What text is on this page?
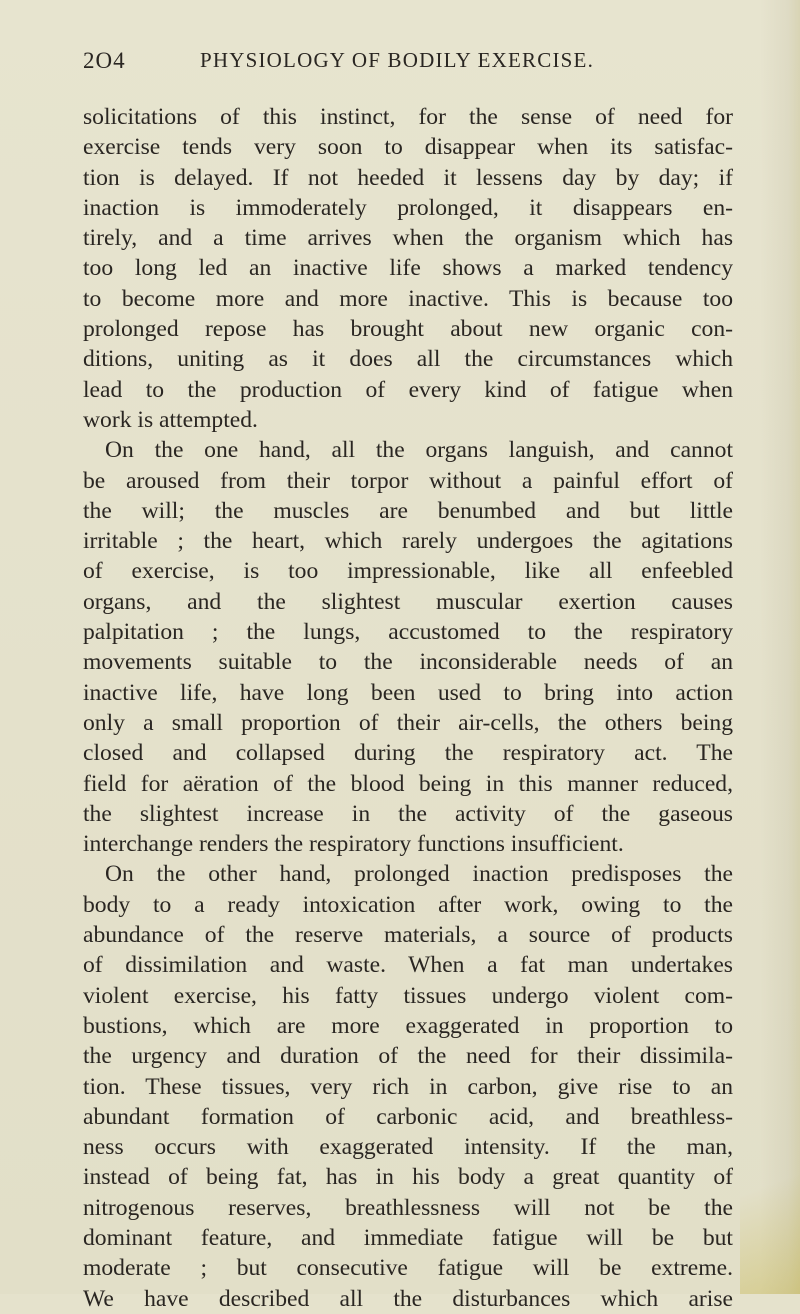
2O4	PHYSIOLOGY OF BODILY EXERCISE.
solicitations of this instinct, for the sense of need for
exercise tends very soon to disappear when its satisfac-
tion is delayed. If not heeded it lessens day by day; if
inaction is immoderately prolonged, it disappears en-
tirely, and a time arrives when the organism which has
too long led an inactive life shows a marked tendency
to become more and more inactive. This is because too
prolonged repose has brought about new organic con-
ditions, uniting as it does all the circumstances which
lead to the production of every kind of fatigue when
work is attempted.
On the one hand, all the organs languish, and cannot
be aroused from their torpor without a painful effort of
the will; the muscles are benumbed and but little
irritable ; the heart, which rarely undergoes the agitations
of exercise, is too impressionable, like all enfeebled
organs, and the slightest muscular exertion causes
palpitation ; the lungs, accustomed to the respiratory
movements suitable to the inconsiderable needs of an
inactive life, have long been used to bring into action
only a small proportion of their air-cells, the others being
closed and collapsed during the respiratory act. The
field for aëration of the blood being in this manner reduced,
the slightest increase in the activity of the gaseous
interchange renders the respiratory functions insufficient.
On the other hand, prolonged inaction predisposes the
body to a ready intoxication after work, owing to the
abundance of the reserve materials, a source of products
of dissimilation and waste. When a fat man undertakes
violent exercise, his fatty tissues undergo violent com-
bustions, which are more exaggerated in proportion to
the urgency and duration of the need for their dissimila-
tion. These tissues, very rich in carbon, give rise to an
abundant formation of carbonic acid, and breathless-
ness occurs with exaggerated intensity. If the man,
instead of being fat, has in his body a great quantity of
nitrogenous reserves, breathlessness will not be the
dominant feature, and immediate fatigue will be but
moderate ; but consecutive fatigue will be extreme.
We have described all the disturbances which arise
